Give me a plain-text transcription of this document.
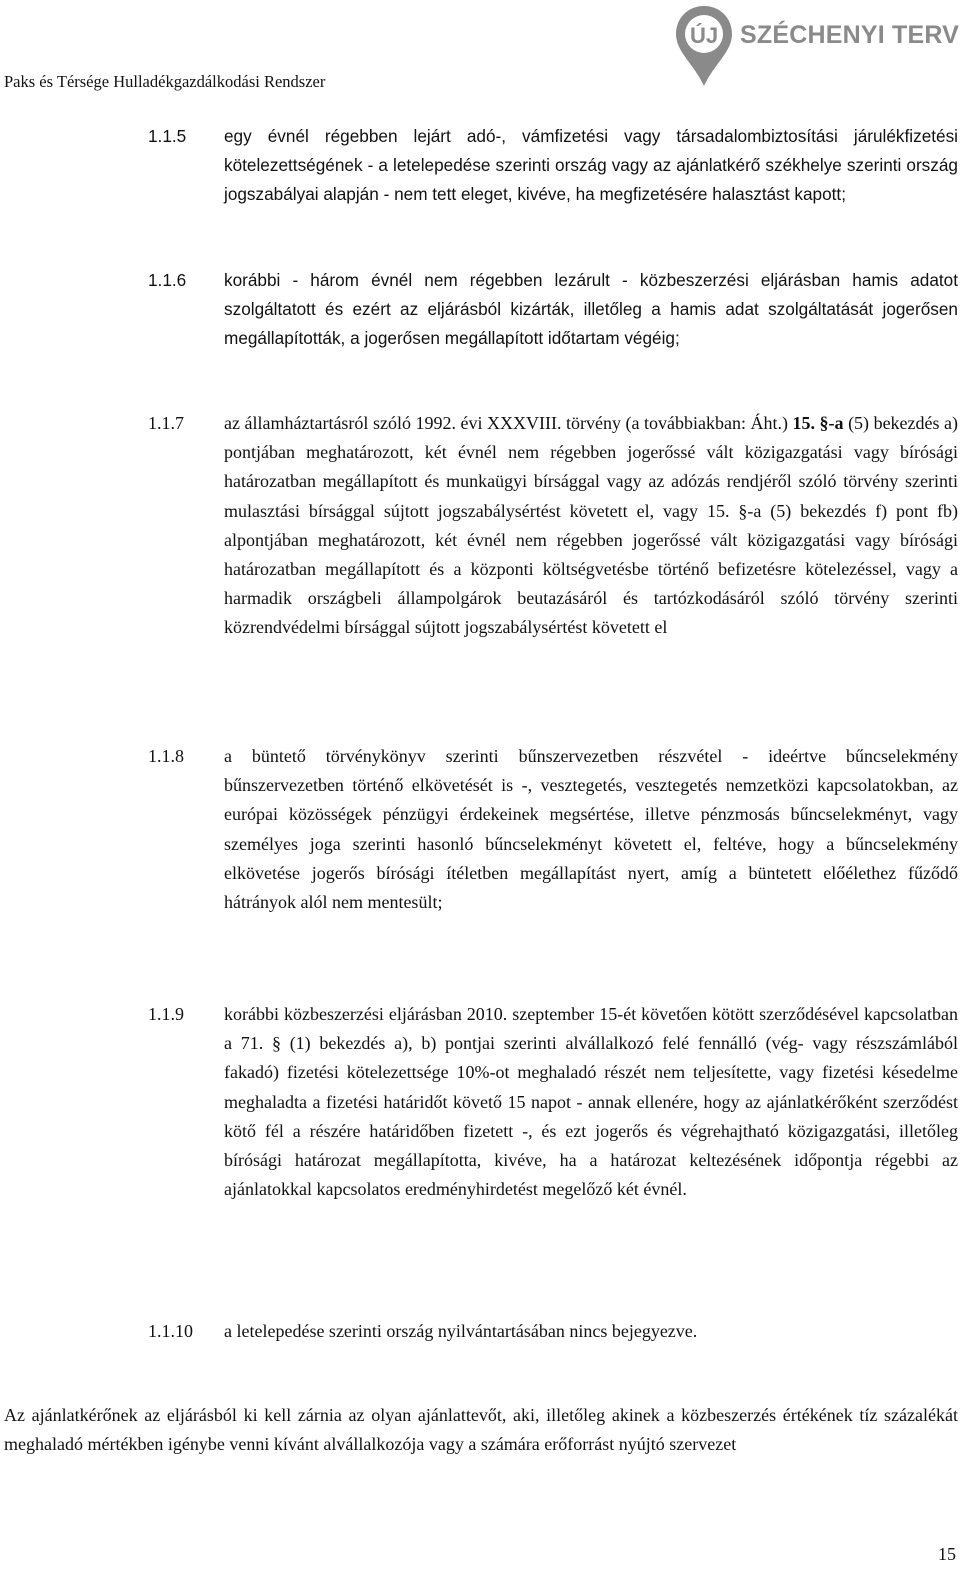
Paks és Térsége Hulladékgazdálkodási Rendszer
ÚJ SZÉCHENYI TERV
1.1.5 egy évnél régebben lejárt adó-, vámfizetési vagy társadalombiztosítási járulékfizetési kötelezettségének - a letelepedése szerinti ország vagy az ajánlatkérő székhelye szerinti ország jogszabályai alapján - nem tett eleget, kivéve, ha megfizetésére halasztást kapott;
1.1.6 korábbi - három évnél nem régebben lezárult - közbeszerzési eljárásban hamis adatot szolgáltatott és ezért az eljárásból kizárták, illetőleg a hamis adat szolgáltatását jogerősen megállapították, a jogerősen megállapított időtartam végéig;
1.1.7 az államháztartásról szóló 1992. évi XXXVIII. törvény (a továbbiakban: Áht.) 15. §-a (5) bekezdés a) pontjában meghatározott, két évnél nem régebben jogerőssé vált közigazgatási vagy bírósági határozatban megállapított és munkaügyi bírsággal vagy az adózás rendjéről szóló törvény szerinti mulasztási bírsággal sújtott jogszabálysértést követett el, vagy 15. §-a (5) bekezdés f) pont fb) alpontjában meghatározott, két évnél nem régebben jogerőssé vált közigazgatási vagy bírósági határozatban megállapított és a központi költségvetésbe történő befizetésre kötelezéssel, vagy a harmadik országbeli állampolgárok beutazásáról és tartózkodásáról szóló törvény szerinti közrendvédelmi bírsággal sújtott jogszabálysértést követett el
1.1.8 a büntető törvénykönyv szerinti bűnszervezetben részvétel - ideértve bűncselekmény bűnszervezetben történő elkövetését is -, vesztegetés, vesztegetés nemzetközi kapcsolatokban, az európai közösségek pénzügyi érdekeinek megsértése, illetve pénzmosás bűncselekményt, vagy személyes joga szerinti hasonló bűncselekményt követett el, feltéve, hogy a bűncselekmény elkövetése jogerős bírósági ítéletben megállapítást nyert, amíg a büntetett előélethez fűződő hátrányok alól nem mentesült;
1.1.9 korábbi közbeszerzési eljárásban 2010. szeptember 15-ét követően kötött szerződésével kapcsolatban a 71. § (1) bekezdés a), b) pontjai szerinti alvállalkozó felé fennálló (vég- vagy részszámlából fakadó) fizetési kötelezettsége 10%-ot meghaladó részét nem teljesítette, vagy fizetési késedelme meghaladta a fizetési határidőt követő 15 napot - annak ellenére, hogy az ajánlatkérőként szerződést kötő fél a részére határidőben fizetett -, és ezt jogerős és végrehajtható közigazgatási, illetőleg bírósági határozat megállapította, kivéve, ha a határozat keltezésének időpontja régebbi az ajánlatokkal kapcsolatos eredményhirdetést megelőző két évnél.
1.1.10 a letelepedése szerinti ország nyilvántartásában nincs bejegyezve.
Az ajánlatkérőnek az eljárásból ki kell zárnia az olyan ajánlattevőt, aki, illetőleg akinek a közbeszerzés értékének tíz százalékát meghaladó mértékben igénybe venni kívánt alvállalkozója vagy a számára erőforrást nyújtó szervezet
15
